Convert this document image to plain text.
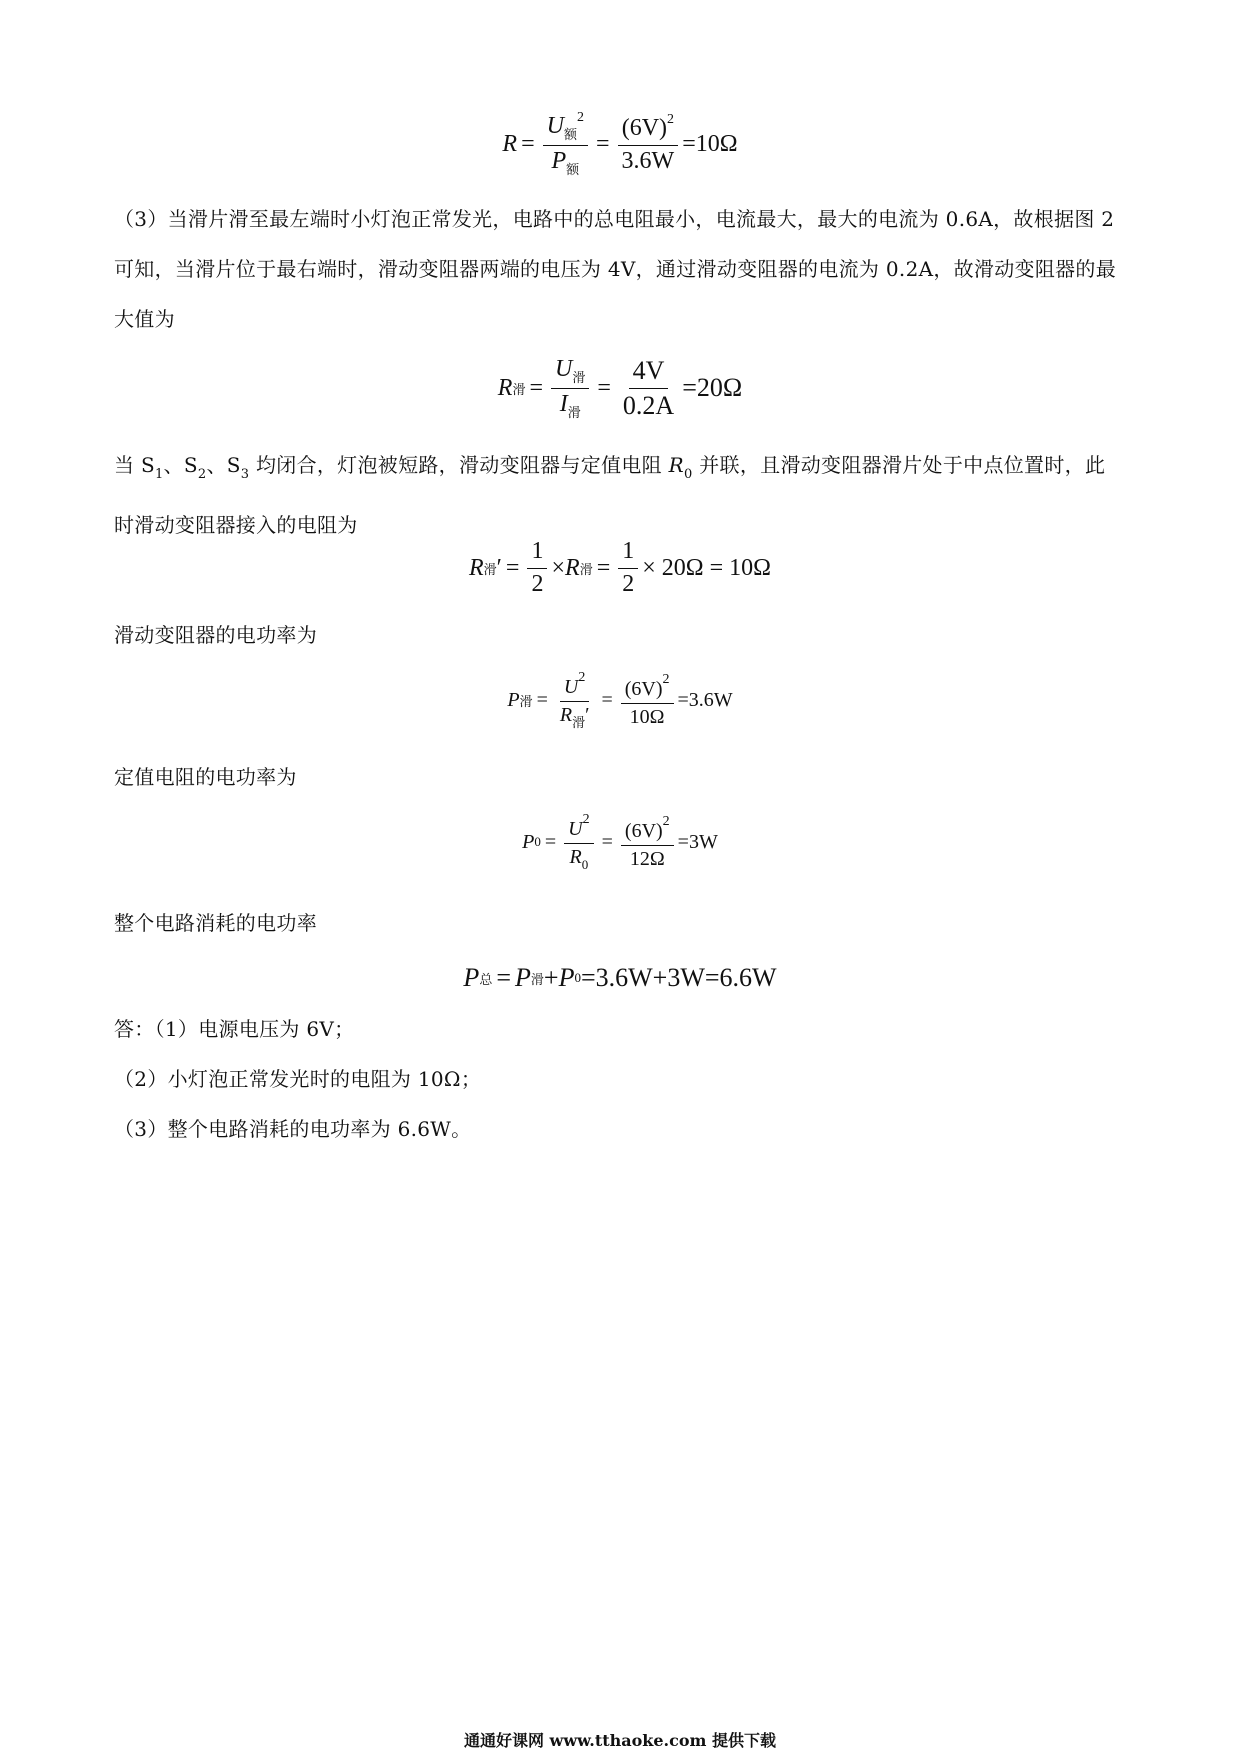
$R = \frac{U_额^2}{P_额} = \frac{(6V)^2}{3.6W} =10\Omega$

（3）当滑片滑至最左端时小灯泡正常发光，电路中的总电阻最小，电流最大，最大的电流为 0.6A，故根据图 2 可知，当滑片位于最右端时，滑动变阻器两端的电压为 4V，通过滑动变阻器的电流为 0.2A，故滑动变阻器的最大值为

R 滑 = $\frac{U_滑}{I_滑} = \frac{4V}{0.2A} =20\Omega$

当 $S_1$、$S_2$、$S_3$ 均闭合，灯泡被短路，滑动变阻器与定值电阻 $R_0$ 并联，且滑动变阻器滑片处于中点位置时，此时滑动变阻器接入的电阻为

R 滑 ′ = $\frac{1}{2} \times R$ 滑 = $\frac{1}{2} \times 20\Omega = 10\Omega$

滑动变阻器的电功率为

P 滑 = $\frac{U^2}{R_滑'} = \frac{(6V)^2}{10\Omega} =3.6W$

定值电阻的电功率为

P $0 = \frac{U^2}{R_0} = \frac{(6V)^2}{12\Omega} =3W$

整个电路消耗的电功率

P 总 = P 滑 + P 0 =3.6W+3W=6.6W

答：（1）电源电压为 6V；

（2）小灯泡正常发光时的电阻为 10Ω；

（3）整个电路消耗的电功率为 6.6W。

通通好课网 www.tthaoke.com 提供下载
